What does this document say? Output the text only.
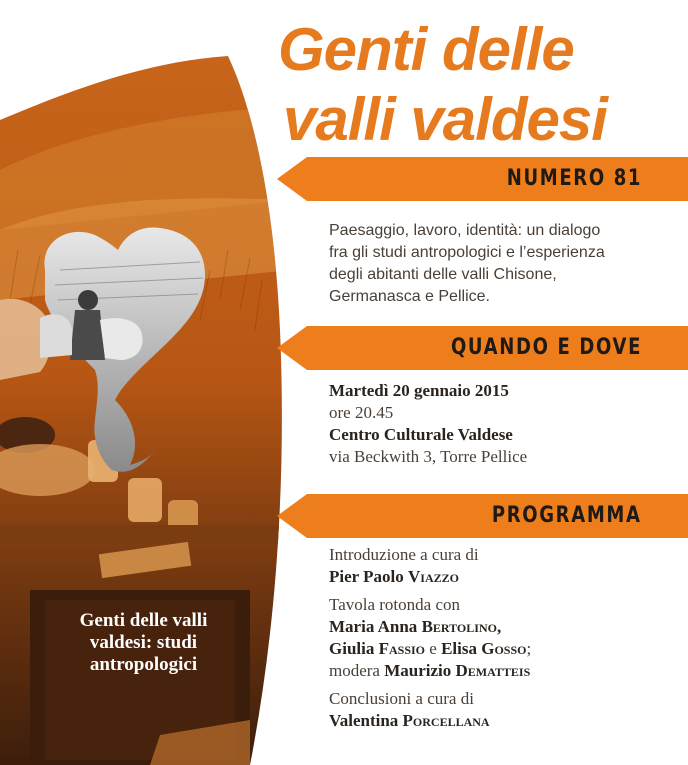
Genti delle
valli valdesi
NUMERO 81
Paesaggio, lavoro, identità: un dialogo
fra gli studi antropologici e l’esperienza
degli abitanti delle valli Chisone,
Germanasca e Pellice.
QUANDO E DOVE
Martedì 20 gennaio 2015
ore 20.45
Centro Culturale Valdese
via Beckwith 3, Torre Pellice
PROGRAMMA

Introduzione a cura di

Pier Paolo Viazzo

Tavola rotonda con

Maria Anna Bertolino,

Giulia Fassio e Elisa Gosso;

modera Maurizio Dematteis

Conclusioni a cura di

Valentina Porcellana

Genti delle valli
valdesi: studi
antropologici
